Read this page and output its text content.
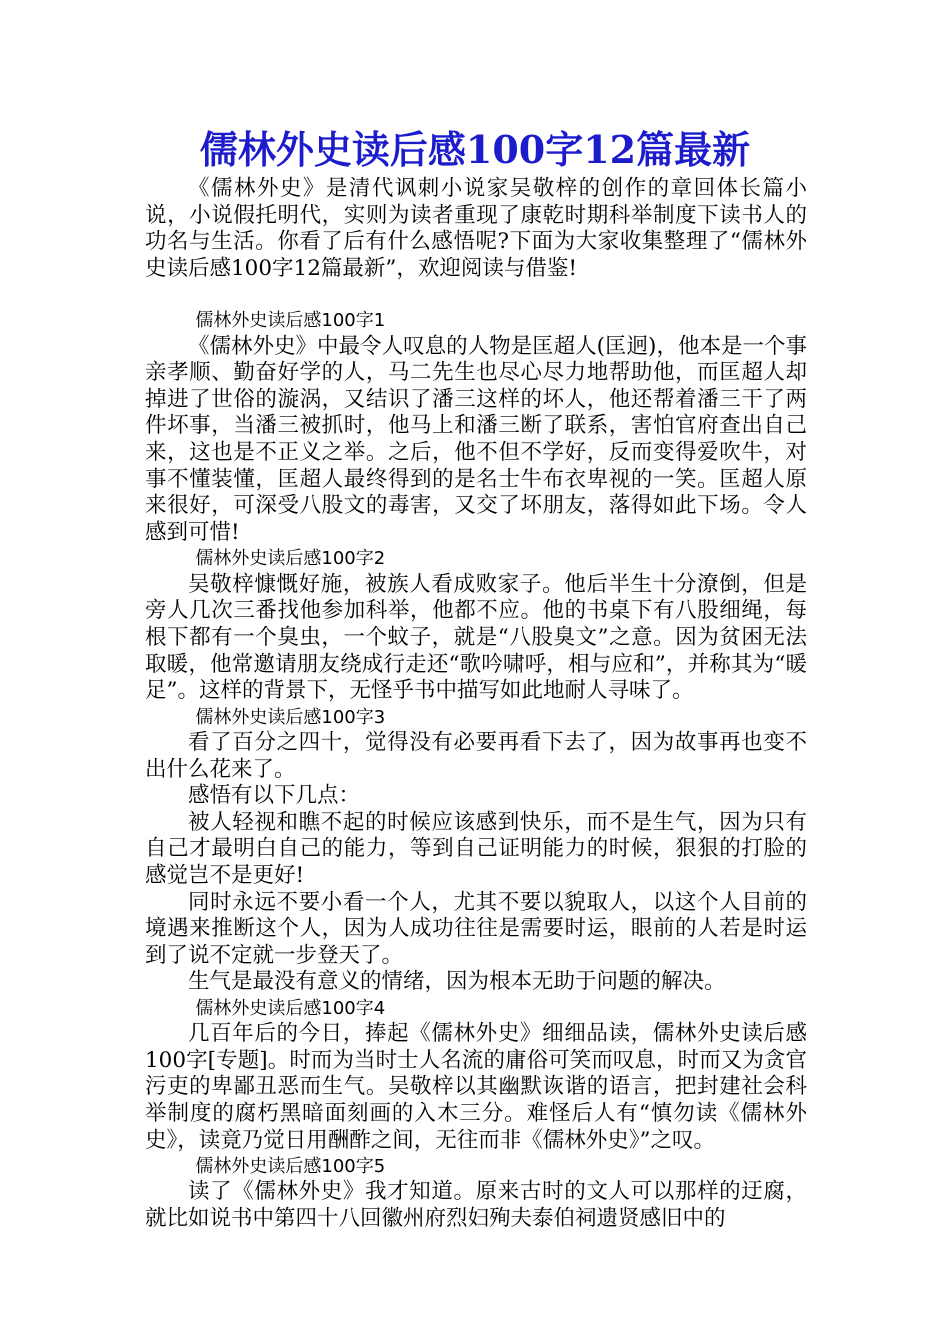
儒林外史读后感100字12篇最新

《儒林外史》是清代讽刺小说家吴敬梓的创作的章回体长篇小说，小说假托明代，实则为读者重现了康乾时期科举制度下读书人的功名与生活。你看了后有什么感悟呢?下面为大家收集整理了“儒林外史读后感100字12篇最新”，欢迎阅读与借鉴!

儒林外史读后感100字1

《儒林外史》中最令人叹息的人物是匡超人(匡迥)，他本是一个事亲孝顺、勤奋好学的人，马二先生也尽心尽力地帮助他，而匡超人却掉进了世俗的漩涡，又结识了潘三这样的坏人，他还帮着潘三干了两件坏事，当潘三被抓时，他马上和潘三断了联系，害怕官府查出自己来，这也是不正义之举。之后，他不但不学好，反而变得爱吹牛，对事不懂装懂，匡超人最终得到的是名士牛布衣卑视的一笑。匡超人原来很好，可深受八股文的毒害，又交了坏朋友，落得如此下场。令人感到可惜!

儒林外史读后感100字2

吴敬梓慷慨好施，被族人看成败家子。他后半生十分潦倒，但是旁人几次三番找他参加科举，他都不应。他的书桌下有八股细绳，每根下都有一个臭虫，一个蚊子，就是“八股臭文”之意。因为贫困无法取暖，他常邀请朋友绕成行走还“歌吟啸呼，相与应和”，并称其为“暖足”。这样的背景下，无怪乎书中描写如此地耐人寻味了。

儒林外史读后感100字3

看了百分之四十，觉得没有必要再看下去了，因为故事再也变不出什么花来了。

感悟有以下几点：

被人轻视和瞧不起的时候应该感到快乐，而不是生气，因为只有自己才最明白自己的能力，等到自己证明能力的时候，狠狠的打脸的感觉岂不是更好!

同时永远不要小看一个人，尤其不要以貌取人，以这个人目前的境遇来推断这个人，因为人成功往往是需要时运，眼前的人若是时运到了说不定就一步登天了。

生气是最没有意义的情绪，因为根本无助于问题的解决。

儒林外史读后感100字4

几百年后的今日，捧起《儒林外史》细细品读，儒林外史读后感100字[专题]。时而为当时士人名流的庸俗可笑而叹息，时而又为贪官污吏的卑鄙丑恶而生气。吴敬梓以其幽默诙谐的语言，把封建社会科举制度的腐朽黑暗面刻画的入木三分。难怪后人有“慎勿读《儒林外史》，读竟乃觉日用酬酢之间，无往而非《儒林外史》”之叹。

儒林外史读后感100字5

读了《儒林外史》我才知道。原来古时的文人可以那样的迂腐，就比如说书中第四十八回徽州府烈妇殉夫泰伯祠遗贤感旧中的
